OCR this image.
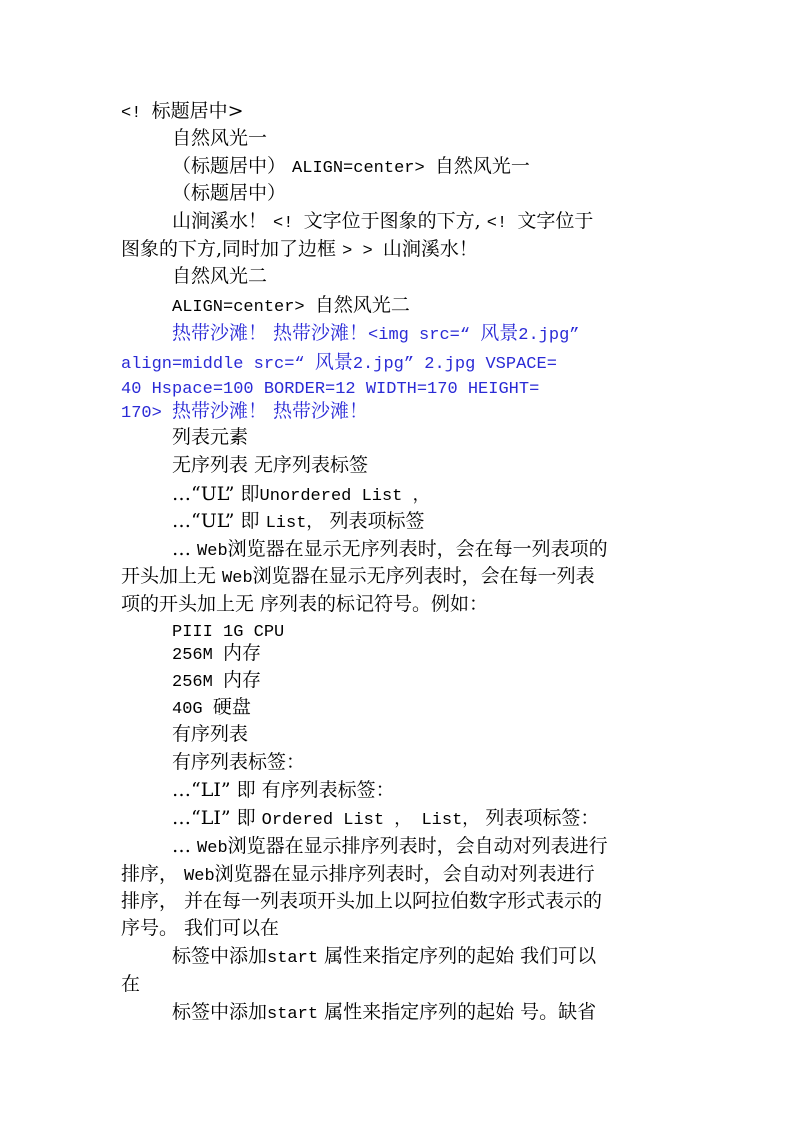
<! 标题居中>
自然风光一
（标题居中） ALIGN=center> 自然风光一
（标题居中）
山涧溪水！ <! 文字位于图象的下方, <! 文字位于
图象的下方,同时加了边框 > > 山涧溪水！
自然风光二
ALIGN=center> 自然风光二
热带沙滩！ 热带沙滩！<img src=“ 风景2.jpg”
align=middle src=“ 风景2.jpg” 2.jpg VSPACE=
40 Hspace=100 BORDER=12 WIDTH=170 HEIGHT=
170> 热带沙滩！ 热带沙滩！
列表元素
无序列表 无序列表标签
…“UL” 即Unordered List ，
…“UL” 即 List， 列表项标签
… Web浏览器在显示无序列表时，会在每一列表项的
开头加上无 Web浏览器在显示无序列表时，会在每一列表
项的开头加上无 序列表的标记符号。例如：
PIII 1G CPU
256M 内存
256M 内存
40G 硬盘
有序列表
有序列表标签：
…“LI” 即 有序列表标签：
…“LI” 即 Ordered List ， List， 列表项标签：
… Web浏览器在显示排序列表时，会自动对列表进行
排序， Web浏览器在显示排序列表时，会自动对列表进行
排序， 并在每一列表项开头加上以阿拉伯数字形式表示的
序号。 我们可以在
标签中添加start 属性来指定序列的起始 我们可以
在
标签中添加start 属性来指定序列的起始 号。缺省
